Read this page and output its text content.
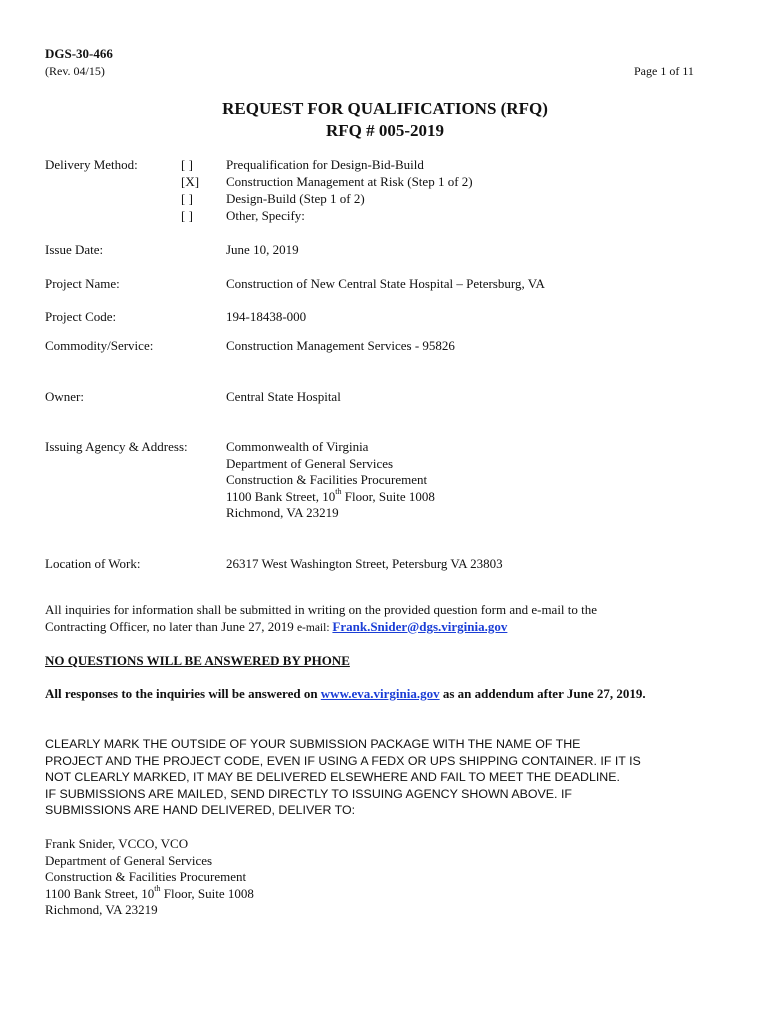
DGS-30-466
(Rev. 04/15)	Page 1 of 11
REQUEST FOR QUALIFICATIONS (RFQ)
RFQ # 005-2019
Delivery Method:	[ ]	Prequalification for Design-Bid-Build
[X] Construction Management at Risk (Step 1 of 2)
[ ]	Design-Build (Step 1 of 2)
[ ]	Other, Specify:
Issue Date:	June 10, 2019
Project Name:	Construction of New Central State Hospital – Petersburg, VA
Project Code:	194-18438-000
Commodity/Service:	Construction Management Services - 95826
Owner:	Central State Hospital
Issuing Agency & Address:	Commonwealth of Virginia
Department of General Services
Construction & Facilities Procurement
1100 Bank Street, 10th Floor, Suite 1008
Richmond, VA 23219
Location of Work:	26317 West Washington Street, Petersburg VA 23803
All inquiries for information shall be submitted in writing on the provided question form and e-mail to the
Contracting Officer, no later than June 27, 2019 e-mail: Frank.Snider@dgs.virginia.gov
NO QUESTIONS WILL BE ANSWERED BY PHONE
All responses to the inquiries will be answered on www.eva.virginia.gov as an addendum after June 27, 2019.
CLEARLY MARK THE OUTSIDE OF YOUR SUBMISSION PACKAGE WITH THE NAME OF THE
PROJECT AND THE PROJECT CODE, EVEN IF USING A FEDX OR UPS SHIPPING CONTAINER. IF IT IS
NOT CLEARLY MARKED, IT MAY BE DELIVERED ELSEWHERE AND FAIL TO MEET THE DEADLINE.
IF SUBMISSIONS ARE MAILED, SEND DIRECTLY TO ISSUING AGENCY SHOWN ABOVE. IF
SUBMISSIONS ARE HAND DELIVERED, DELIVER TO:
Frank Snider, VCCO, VCO
Department of General Services
Construction & Facilities Procurement
1100 Bank Street, 10th Floor, Suite 1008
Richmond, VA 23219
